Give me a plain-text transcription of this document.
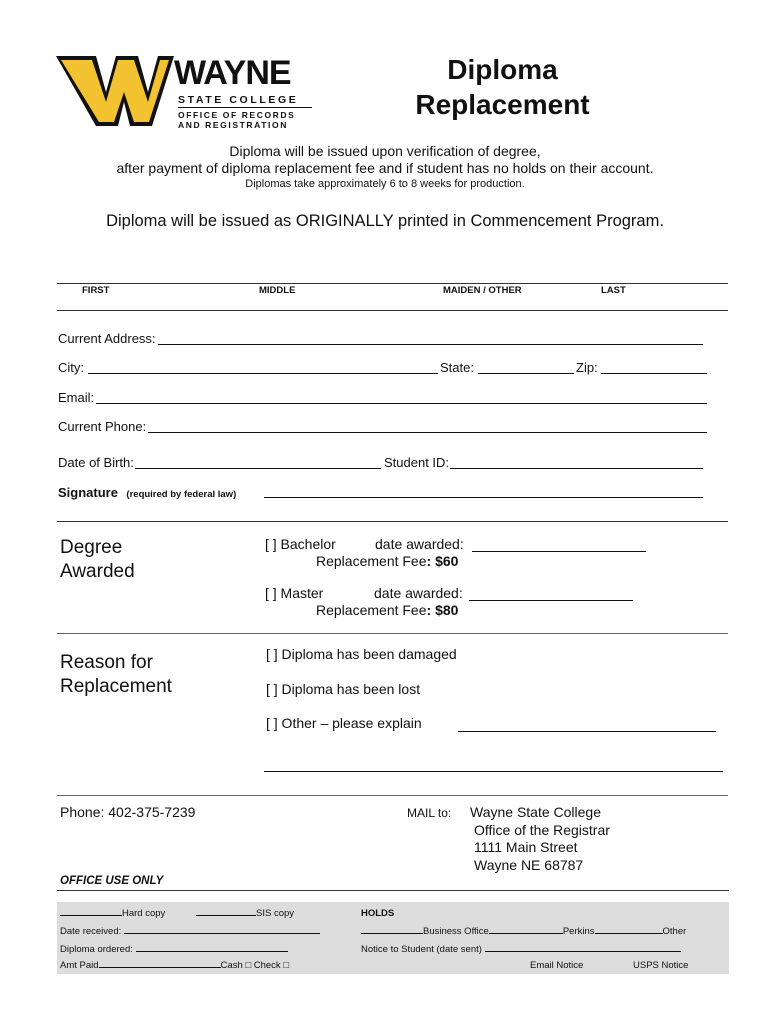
WAYNE
STATE COLLEGE
OFFICE OF RECORDS
AND REGISTRATION
Diploma
Replacement
Diploma will be issued upon verification of degree,
after payment of diploma replacement fee and if student has no holds on their account.
Diplomas take approximately 6 to 8 weeks for production.
Diploma will be issued as ORIGINALLY printed in Commencement Program.
FIRST	MIDDLE	MAIDEN / OTHER	LAST
Current Address:
City:	State:	Zip:
Email:
Current Phone:
Date of Birth:	Student ID:
Signature (required by federal law)
Degree
Awarded
[ ] Bachelor	date awarded:
Replacement Fee: $60
[ ] Master	date awarded:
Replacement Fee: $80
Reason for
Replacement
[ ] Diploma has been damaged
[ ] Diploma has been lost
[ ] Other – please explain
Phone: 402-375-7239	MAIL to: Wayne State College
Office of the Registrar
1111 Main Street
Wayne NE 68787
OFFICE USE ONLY
Hard copy	SIS copy	HOLDS
Date received:	Business Office	Perkins	Other
Diploma ordered:	Notice to Student (date sent)
Amt Paid	Cash □ Check □	Email Notice	USPS Notice
